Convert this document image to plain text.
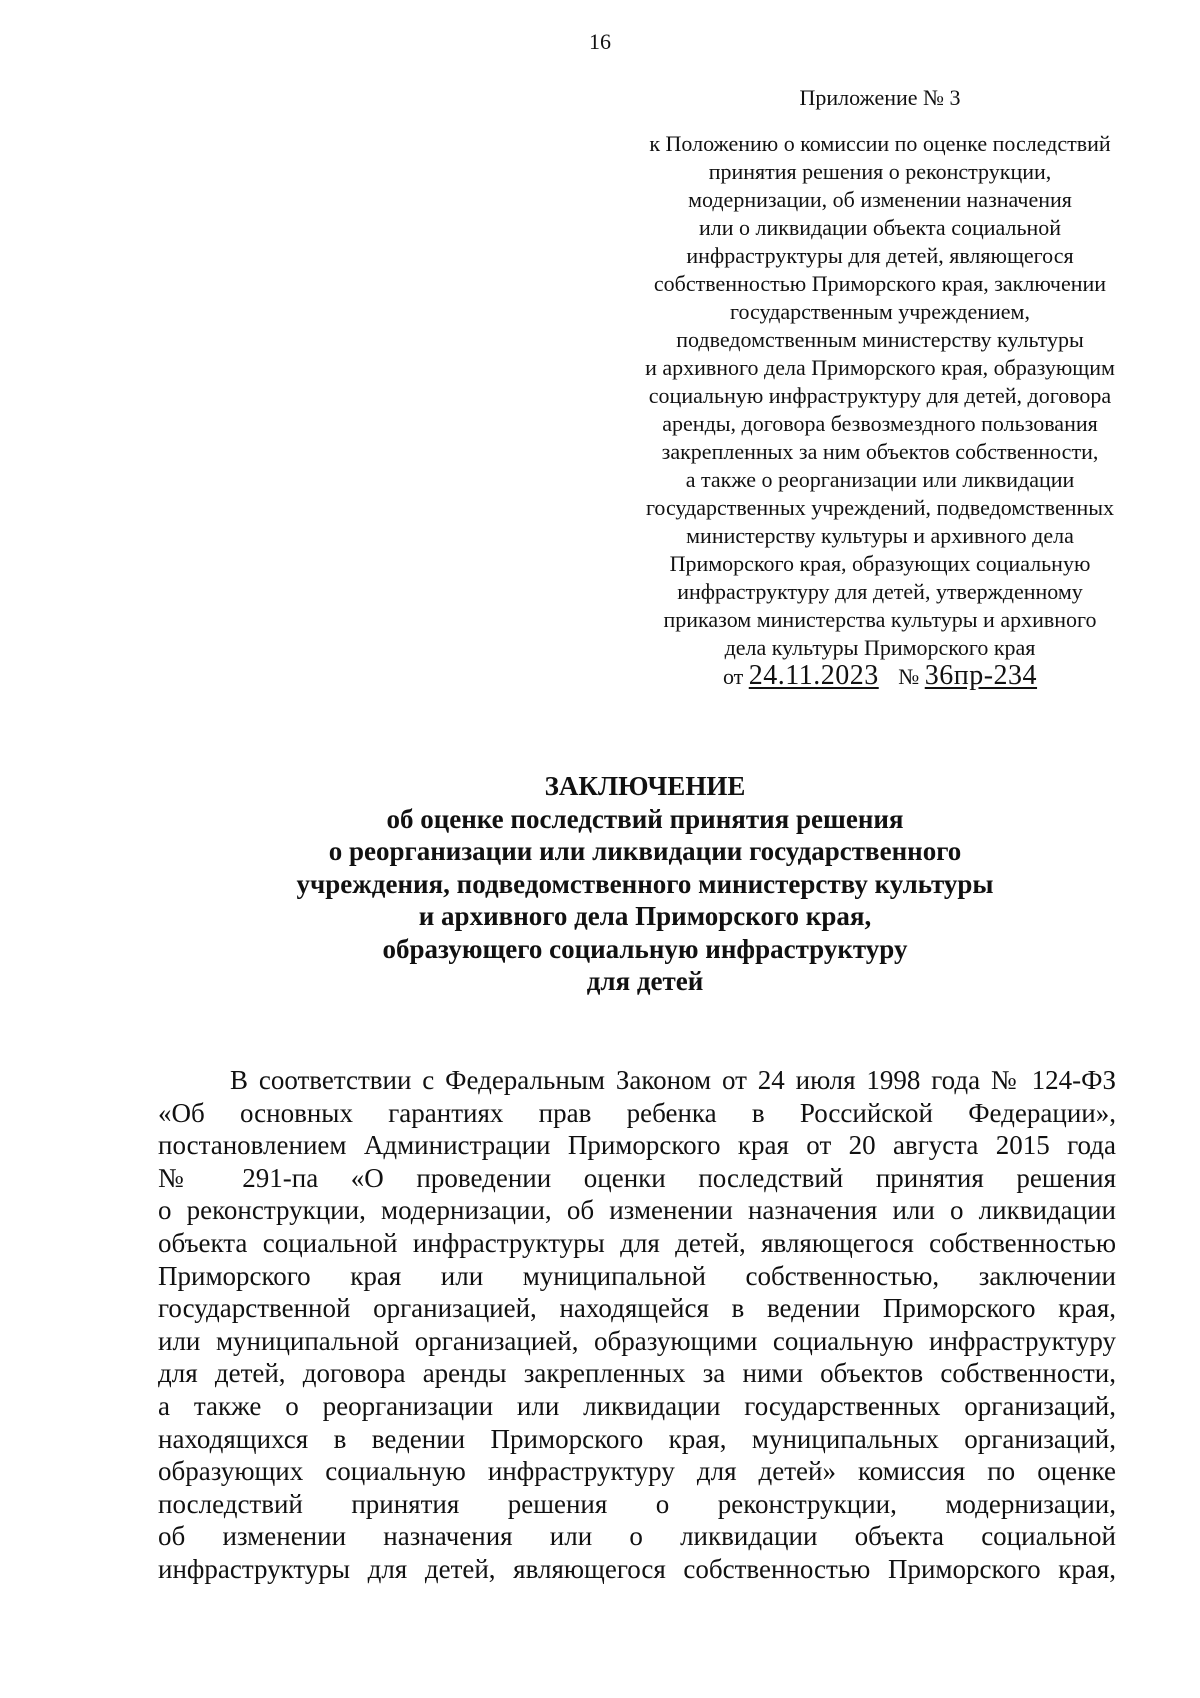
16
Приложение № 3
к Положению о комиссии по оценке последствий
принятия решения о реконструкции,
модернизации, об изменении назначения
или о ликвидации объекта социальной
инфраструктуры для детей, являющегося
собственностью Приморского края, заключении
государственным учреждением,
подведомственным министерству культуры
и архивного дела Приморского края, образующим
социальную инфраструктуру для детей, договора
аренды, договора безвозмездного пользования
закрепленных за ним объектов собственности,
а также о реорганизации или ликвидации
государственных учреждений, подведомственных
министерству культуры и архивного дела
Приморского края, образующих социальную
инфраструктуру для детей, утвержденному
приказом министерства культуры и архивного
дела культуры Приморского края
от 24.11.2023 № 36пр-234
ЗАКЛЮЧЕНИЕ
об оценке последствий принятия решения
о реорганизации или ликвидации государственного
учреждения, подведомственного министерству культуры
и архивного дела Приморского края,
образующего социальную инфраструктуру
для детей
В соответствии с Федеральным Законом от 24 июля 1998 года № 124-ФЗ
«Об основных гарантиях прав ребенка в Российской Федерации»,
постановлением Администрации Приморского края от 20 августа 2015 года
№ 291-па «О проведении оценки последствий принятия решения
о реконструкции, модернизации, об изменении назначения или о ликвидации
объекта социальной инфраструктуры для детей, являющегося собственностью
Приморского края или муниципальной собственностью, заключении
государственной организацией, находящейся в ведении Приморского края,
или муниципальной организацией, образующими социальную инфраструктуру
для детей, договора аренды закрепленных за ними объектов собственности,
а также о реорганизации или ликвидации государственных организаций,
находящихся в ведении Приморского края, муниципальных организаций,
образующих социальную инфраструктуру для детей» комиссия по оценке
последствий принятия решения о реконструкции, модернизации,
об изменении назначения или о ликвидации объекта социальной
инфраструктуры для детей, являющегося собственностью Приморского края,
